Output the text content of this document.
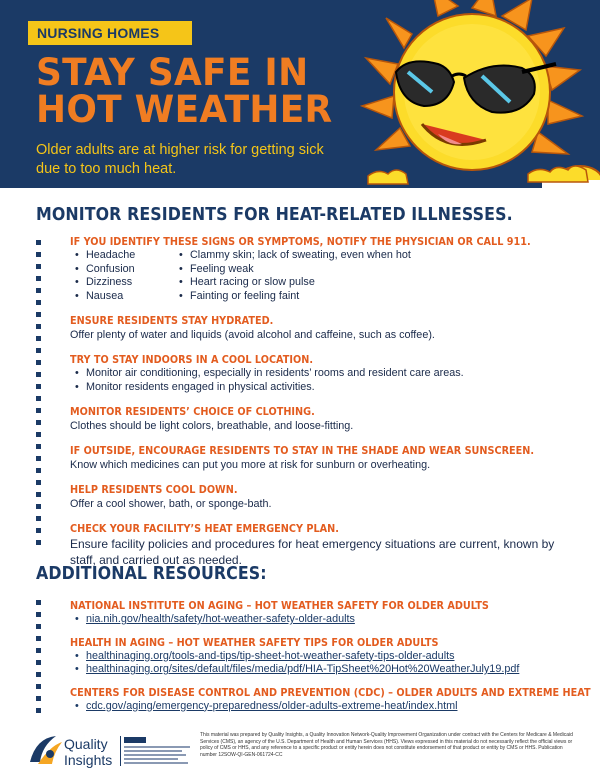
NURSING HOMES
STAY SAFE IN
HOT WEATHER
Older adults are at higher risk for getting sick due to too much heat.
MONITOR RESIDENTS FOR HEAT-RELATED ILLNESSES.
IF YOU IDENTIFY THESE SIGNS OR SYMPTOMS, NOTIFY THE PHYSICIAN OR CALL 911.
• Headache
• Confusion
• Dizziness
• Nausea
• Clammy skin; lack of sweating, even when hot
• Feeling weak
• Heart racing or slow pulse
• Fainting or feeling faint
ENSURE RESIDENTS STAY HYDRATED.
Offer plenty of water and liquids (avoid alcohol and caffeine, such as coffee).
TRY TO STAY INDOORS IN A COOL LOCATION.
• Monitor air conditioning, especially in residents’ rooms and resident care areas.
• Monitor residents engaged in physical activities.
MONITOR RESIDENTS’ CHOICE OF CLOTHING.
Clothes should be light colors, breathable, and loose-fitting.
IF OUTSIDE, ENCOURAGE RESIDENTS TO STAY IN THE SHADE AND WEAR SUNSCREEN.
Know which medicines can put you more at risk for sunburn or overheating.
HELP RESIDENTS COOL DOWN.
Offer a cool shower, bath, or sponge-bath.
CHECK YOUR FACILITY’S HEAT EMERGENCY PLAN.
Ensure facility policies and procedures for heat emergency situations are current, known by staff, and carried out as needed.
ADDITIONAL RESOURCES:
NATIONAL INSTITUTE ON AGING – HOT WEATHER SAFETY FOR OLDER ADULTS
• nia.nih.gov/health/safety/hot-weather-safety-older-adults
HEALTH IN AGING – HOT WEATHER SAFETY TIPS FOR OLDER ADULTS
• healthinaging.org/tools-and-tips/tip-sheet-hot-weather-safety-tips-older-adults
• healthinaging.org/sites/default/files/media/pdf/HIA-TipSheet%20Hot%20WeatherJuly19.pdf
CENTERS FOR DISEASE CONTROL AND PREVENTION (CDC) – OLDER ADULTS AND EXTREME HEAT
• cdc.gov/aging/emergency-preparedness/older-adults-extreme-heat/index.html
Quality
Insights
This material was prepared by Quality Insights, a Quality Innovation Network-Quality Improvement Organization under contract with the Centers for Medicare & Medicaid Services (CMS), an agency of the U.S. Department of Health and Human Services (HHS). Views expressed in this material do not necessarily reflect the official views or policy of CMS or HHS, and any reference to a specific product or entity herein does not constitute endorsement of that product or entity by CMS or HHS. Publication number 12SOW-QI-GEN-061724-CC
